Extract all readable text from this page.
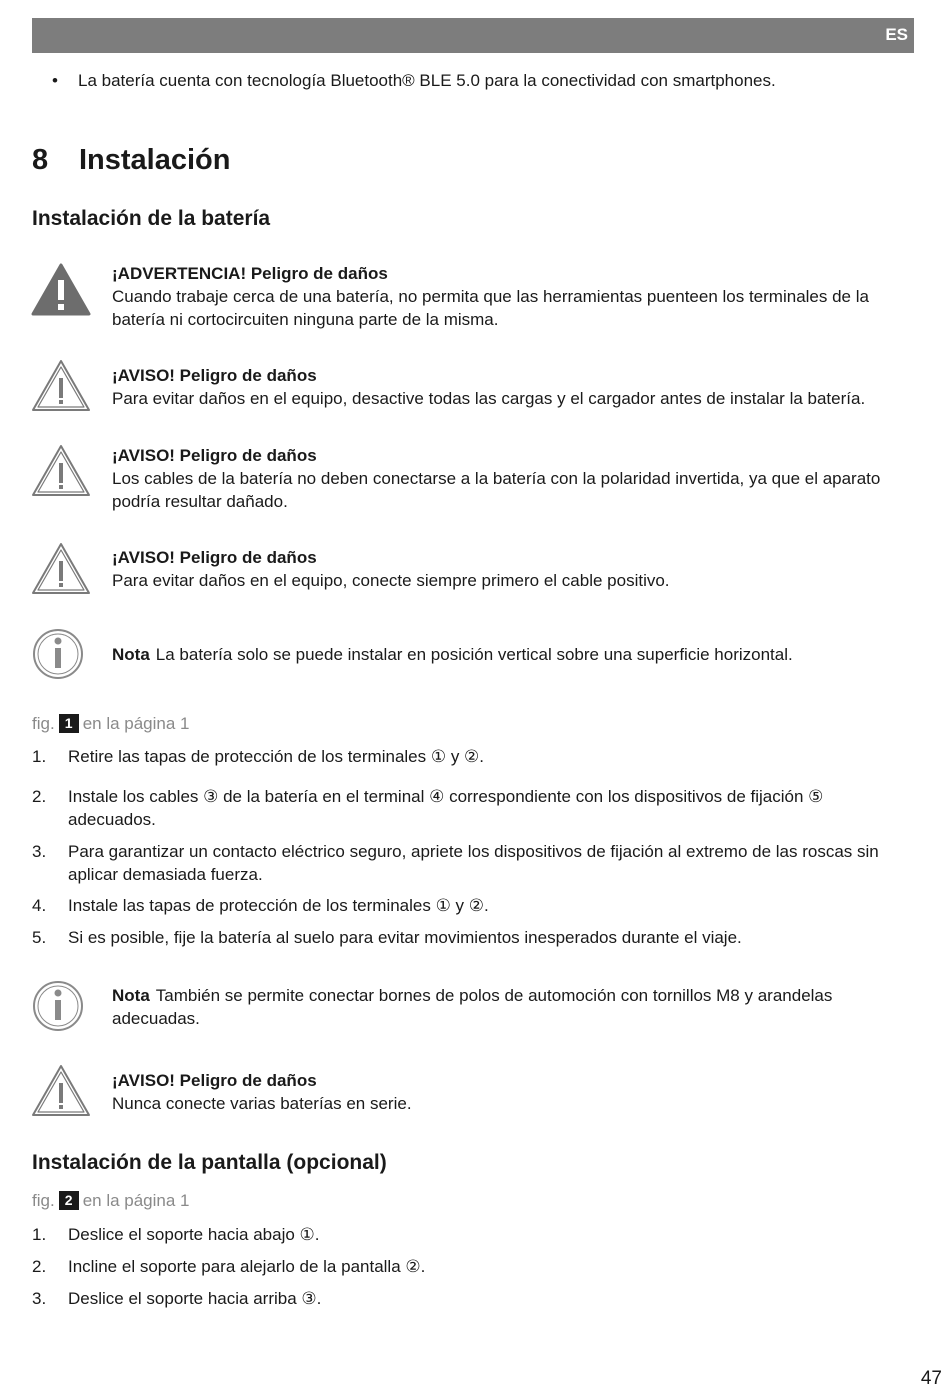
ES
• La batería cuenta con tecnología Bluetooth® BLE 5.0 para la conectividad con smartphones.
8 Instalación
Instalación de la batería
¡ADVERTENCIA! Peligro de daños
Cuando trabaje cerca de una batería, no permita que las herramientas puenteen los terminales de la batería ni cortocircuiten ninguna parte de la misma.
¡AVISO! Peligro de daños
Para evitar daños en el equipo, desactive todas las cargas y el cargador antes de instalar la batería.
¡AVISO! Peligro de daños
Los cables de la batería no deben conectarse a la batería con la polaridad invertida, ya que el aparato podría resultar dañado.
¡AVISO! Peligro de daños
Para evitar daños en el equipo, conecte siempre primero el cable positivo.
Nota La batería solo se puede instalar en posición vertical sobre una superficie horizontal.
fig. 1 en la página 1
1.	Retire las tapas de protección de los terminales ① y ②.
2.	Instale los cables ③ de la batería en el terminal ④ correspondiente con los dispositivos de fijación ⑤ adecuados.
3.	Para garantizar un contacto eléctrico seguro, apriete los dispositivos de fijación al extremo de las roscas sin aplicar demasiada fuerza.
4.	Instale las tapas de protección de los terminales ① y ②.
5.	Si es posible, fije la batería al suelo para evitar movimientos inesperados durante el viaje.
Nota También se permite conectar bornes de polos de automoción con tornillos M8 y arandelas adecuadas.
¡AVISO! Peligro de daños
Nunca conecte varias baterías en serie.
Instalación de la pantalla (opcional)
fig. 2 en la página 1
1.	Deslice el soporte hacia abajo ①.
2.	Incline el soporte para alejarlo de la pantalla ②.
3.	Deslice el soporte hacia arriba ③.
47
